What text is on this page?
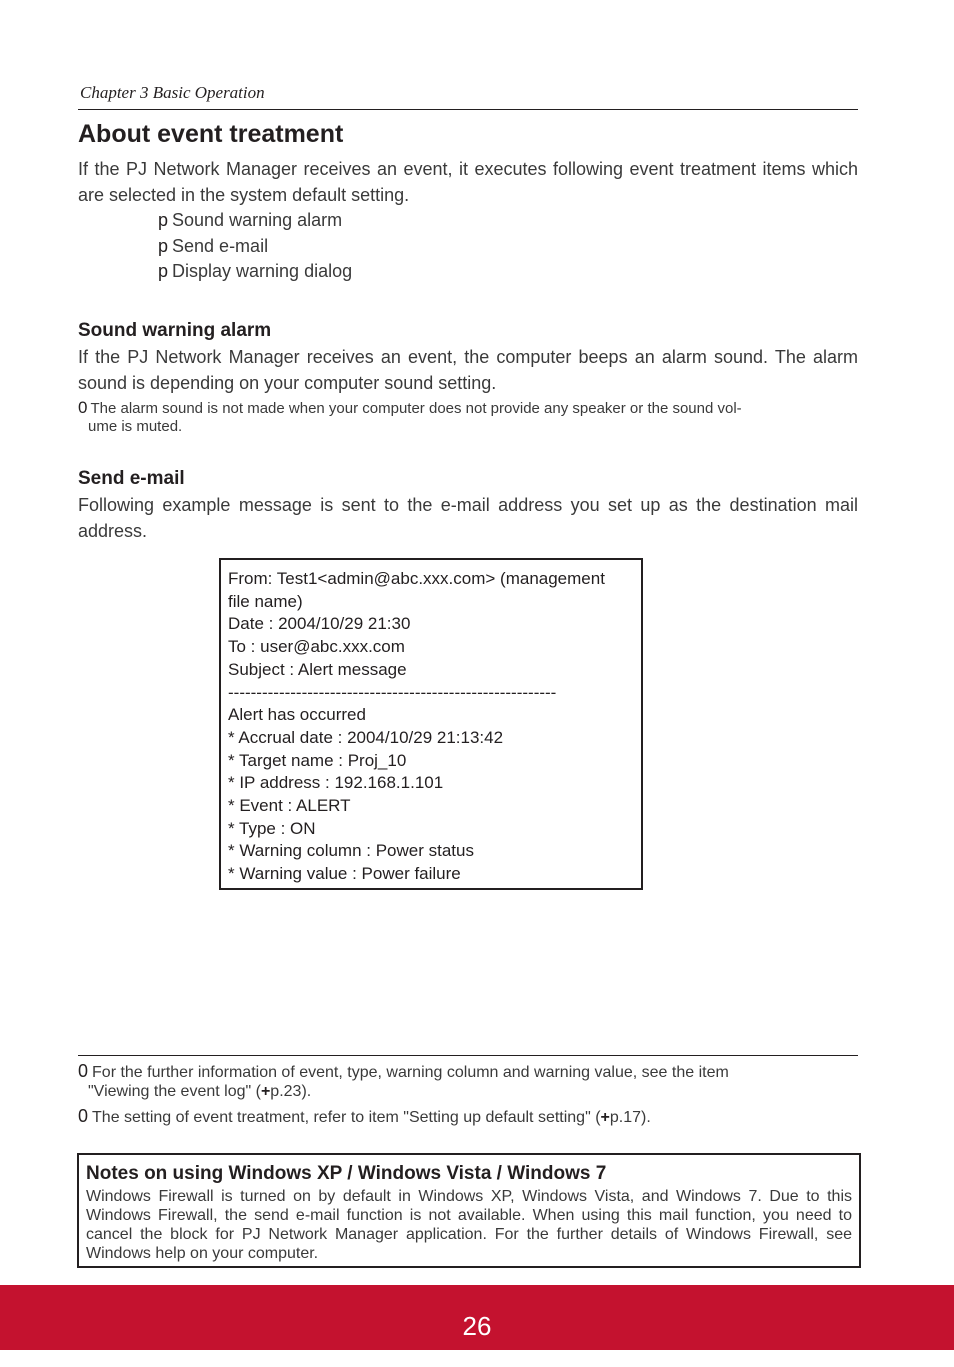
Chapter 3 Basic Operation
About event treatment
If the PJ Network Manager receives an event, it executes following event treatment items which are selected in the system default setting.
p Sound warning alarm
p Send e-mail
p Display warning dialog
Sound warning alarm
If the PJ Network Manager receives an event, the computer beeps an alarm sound. The alarm sound is depending on your computer sound setting.
0 The alarm sound is not made when your computer does not provide any speaker or the sound vol-
ume is muted.
Send e-mail
Following example message is sent to the e-mail address you set up as the destination mail address.
From: Test1<admin@abc.xxx.com> (management
file name)
Date : 2004/10/29 21:30
To : user@abc.xxx.com
Subject : Alert message
----------------------------------------------------------
Alert has occurred
* Accrual date : 2004/10/29 21:13:42
* Target name : Proj_10
* IP address : 192.168.1.101
* Event : ALERT
* Type : ON
* Warning column : Power status
* Warning value : Power failure
0 For the further information of event, type, warning column and warning value, see the item
"Viewing the event log" (+p.23).
0 The setting of event treatment, refer to item "Setting up default setting" (+p.17).
Notes on using Windows XP / Windows Vista / Windows 7
Windows Firewall is turned on by default in Windows XP, Windows Vista, and Windows 7. Due to this Windows Firewall, the send e-mail function is not available. When using this mail function, you need to cancel the block for PJ Network Manager application. For the further details of Windows Firewall, see Windows help on your computer.
26
